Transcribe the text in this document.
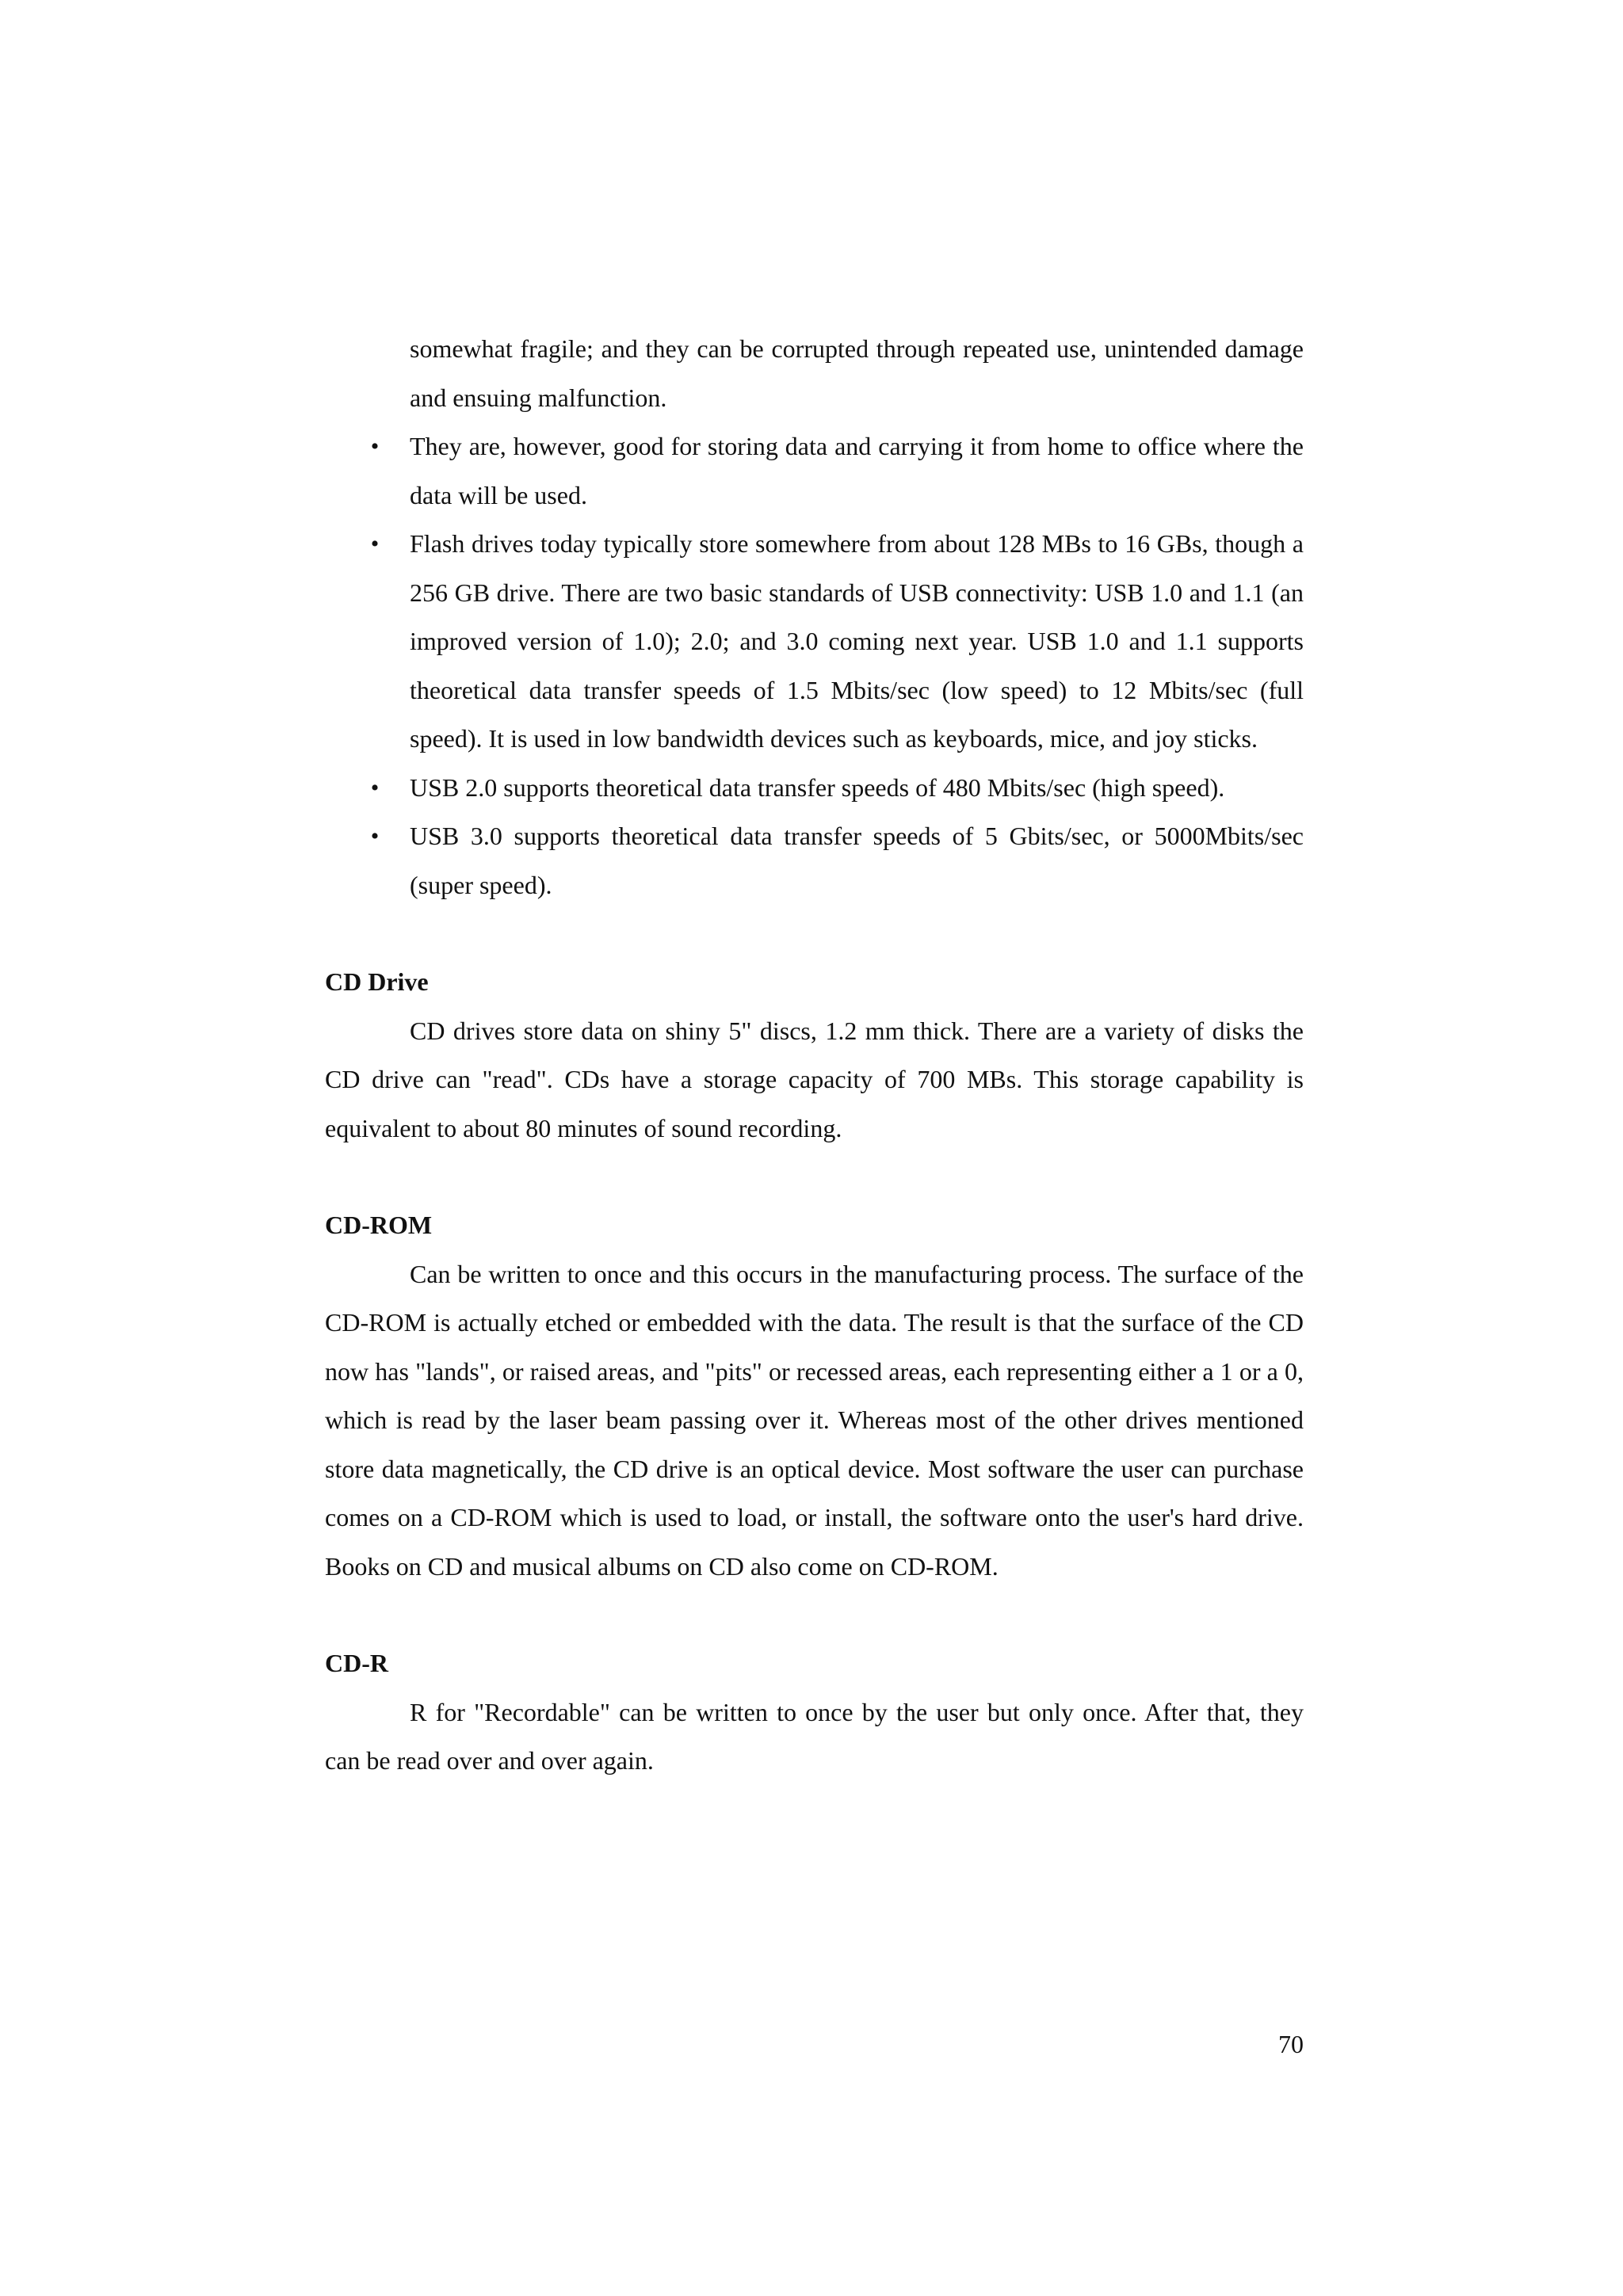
somewhat fragile; and they can be corrupted through repeated use, unintended damage and ensuing malfunction.
• They are, however, good for storing data and carrying it from home to office where the data will be used.
• Flash drives today typically store somewhere from about 128 MBs to 16 GBs, though a 256 GB drive. There are two basic standards of USB connectivity: USB 1.0 and 1.1 (an improved version of 1.0); 2.0; and 3.0 coming next year. USB 1.0 and 1.1 supports theoretical data transfer speeds of 1.5 Mbits/sec (low speed) to 12 Mbits/sec (full speed). It is used in low bandwidth devices such as keyboards, mice, and joy sticks.
• USB 2.0 supports theoretical data transfer speeds of 480 Mbits/sec (high speed).
• USB 3.0 supports theoretical data transfer speeds of 5 Gbits/sec, or 5000Mbits/sec (super speed).
CD Drive

CD drives store data on shiny 5" discs, 1.2 mm thick. There are a variety of disks the CD drive can "read". CDs have a storage capacity of 700 MBs. This storage capability is equivalent to about 80 minutes of sound recording.

CD-ROM

Can be written to once and this occurs in the manufacturing process. The surface of the CD-ROM is actually etched or embedded with the data. The result is that the surface of the CD now has "lands", or raised areas, and "pits" or recessed areas, each representing either a 1 or a 0, which is read by the laser beam passing over it. Whereas most of the other drives mentioned store data magnetically, the CD drive is an optical device. Most software the user can purchase comes on a CD-ROM which is used to load, or install, the software onto the user's hard drive. Books on CD and musical albums on CD also come on CD-ROM.

CD-R

R for "Recordable" can be written to once by the user but only once. After that, they can be read over and over again.

70
